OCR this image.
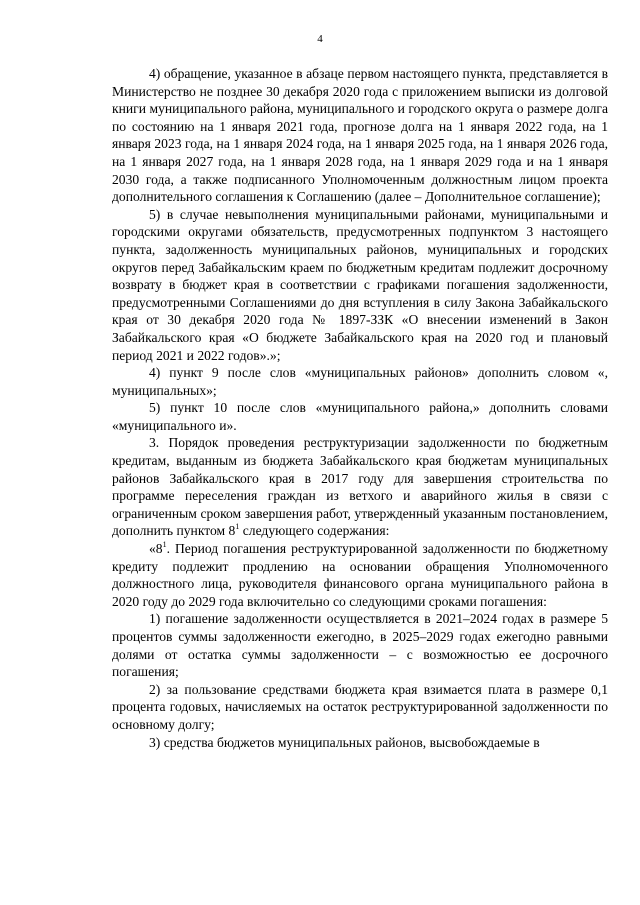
4

4) обращение, указанное в абзаце первом настоящего пункта, представляется в Министерство не позднее 30 декабря 2020 года с приложением выписки из долговой книги муниципального района, муниципального и городского округа о размере долга по состоянию на 1 января 2021 года, прогнозе долга на 1 января 2022 года, на 1 января 2023 года, на 1 января 2024 года, на 1 января 2025 года, на 1 января 2026 года, на 1 января 2027 года, на 1 января 2028 года, на 1 января 2029 года и на 1 января 2030 года, а также подписанного Уполномоченным должностным лицом проекта дополнительного соглашения к Соглашению (далее – Дополнительное соглашение);

5) в случае невыполнения муниципальными районами, муниципальными и городскими округами обязательств, предусмотренных подпунктом 3 настоящего пункта, задолженность муниципальных районов, муниципальных и городских округов перед Забайкальским краем по бюджетным кредитам подлежит досрочному возврату в бюджет края в соответствии с графиками погашения задолженности, предусмотренными Соглашениями до дня вступления в силу Закона Забайкальского края от 30 декабря 2020 года № 1897-ЗЗК «О внесении изменений в Закон Забайкальского края «О бюджете Забайкальского края на 2020 год и плановый период 2021 и 2022 годов».»;

4) пункт 9 после слов «муниципальных районов» дополнить словом «, муниципальных»;

5) пункт 10 после слов «муниципального района,» дополнить словами «муниципального и».

3. Порядок проведения реструктуризации задолженности по бюджетным кредитам, выданным из бюджета Забайкальского края бюджетам муниципальных районов Забайкальского края в 2017 году для завершения строительства по программе переселения граждан из ветхого и аварийного жилья в связи с ограниченным сроком завершения работ, утвержденный указанным постановлением, дополнить пунктом $8^1$ следующего содержания:

«$8^1$. Период погашения реструктурированной задолженности по бюджетному кредиту подлежит продлению на основании обращения Уполномоченного должностного лица, руководителя финансового органа муниципального района в 2020 году до 2029 года включительно со следующими сроками погашения:

1) погашение задолженности осуществляется в 2021–2024 годах в размере 5 процентов суммы задолженности ежегодно, в 2025–2029 годах ежегодно равными долями от остатка суммы задолженности – с возможностью ее досрочного погашения;

2) за пользование средствами бюджета края взимается плата в размере 0,1 процента годовых, начисляемых на остаток реструктурированной задолженности по основному долгу;

3) средства бюджетов муниципальных районов, высвобождаемые в
